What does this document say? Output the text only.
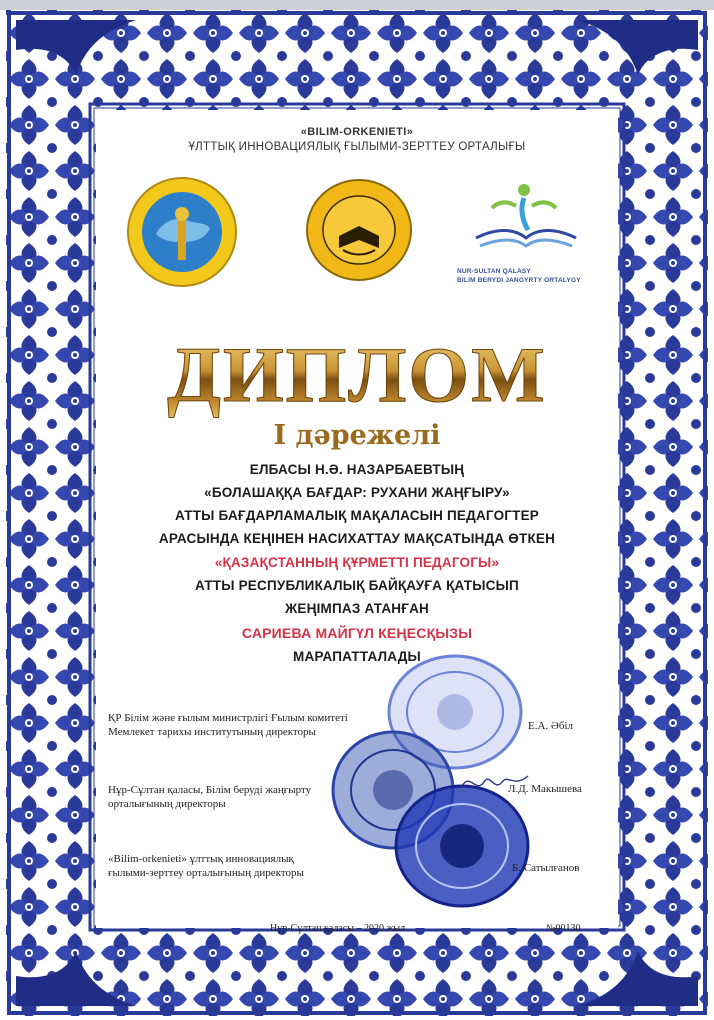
«BILIM-ORKENIETI»

ҰЛТТЫҚ ИННОВАЦИЯЛЫҚ ҒЫЛЫМИ-ЗЕРТТЕУ ОРТАЛЫҒЫ

NUR-SULTAN QALASY
BILIM BERYDI JANGYRTY ORTALYGY

ДИПЛОМ

I дәрежелі

ЕЛБАСЫ Н.Ә. НАЗАРБАЕВТЫҢ

«БОЛАШАҚҚА БАҒДАР: РУХАНИ ЖАҢҒЫРУ»

АТТЫ БАҒДАРЛАМАЛЫҚ МАҚАЛАСЫН ПЕДАГОГТЕР

АРАСЫНДА КЕҢІНЕН НАСИХАТТАУ МАҚСАТЫНДА ӨТКЕН

«ҚАЗАҚСТАННЫҢ ҚҰРМЕТТІ ПЕДАГОГЫ»

АТТЫ РЕСПУБЛИКАЛЫҚ БАЙҚАУҒА ҚАТЫСЫП

ЖЕҢІМПАЗ АТАНҒАН

САРИЕВА МАЙГҮЛ КЕҢЕСҚЫЗЫ

МАРАПАТТАЛАДЫ

ҚР Білім және ғылым министрлігі Ғылым комитеті
Мемлекет тарихы институтының директоры	Е.А. Әбіл
Нұр-Сұлтан қаласы, Білім беруді жаңғырту
орталығының директоры
Л.Д. Макышева
«Bilim-orkenieti» ұлттық инновациялық
ғылыми-зерттеу орталығының директоры	Б. Сатылғанов
Нұр-Сұлтан қаласы – 2020 жыл	№00130
